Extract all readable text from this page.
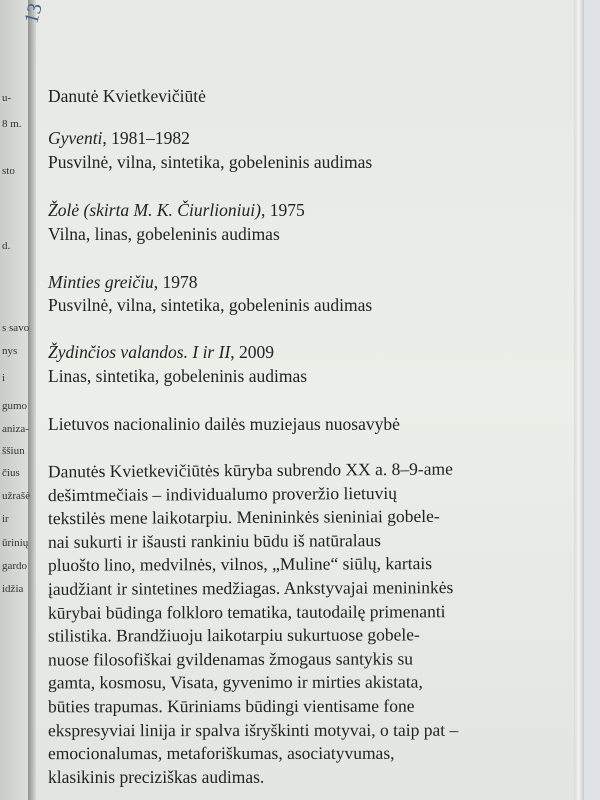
13
u-
8 m.
sto
d.
s savo
nys
i
gumo
aniza-
ššiun
čius
užrašė
ir
ūrinių
gardo
idžia
Danutė Kvietkevičiūtė
Gyventi, 1981–1982
Pusvilnė, vilna, sintetika, gobeleninis audimas
Žolė (skirta M. K. Čiurlioniui), 1975
Vilna, linas, gobeleninis audimas
Minties greičiu, 1978
Pusvilnė, vilna, sintetika, gobeleninis audimas
Žydinčios valandos. I ir II, 2009
Linas, sintetika, gobeleninis audimas
Lietuvos nacionalinio dailės muziejaus nuosavybė
Danutės Kvietkevičiūtės kūryba subrendo XX a. 8–9-ame
dešimtmečiais – individualumo proveržio lietuvių
tekstilės mene laikotarpiu. Menininkės sieniniai gobele-
nai sukurti ir išausti rankiniu būdu iš natūralaus
pluošto lino, medvilnės, vilnos, „Muline“ siūlų, kartais
įaudžiant ir sintetines medžiagas. Ankstyvajai menininkės
kūrybai būdinga folkloro tematika, tautodailę primenanti
stilistika. Brandžiuoju laikotarpiu sukurtuose gobele-
nuose filosofiškai gvildenamas žmogaus santykis su
gamta, kosmosu, Visata, gyvenimo ir mirties akistata,
būties trapumas. Kūriniams būdingi vientisame fone
ekspresyviai linija ir spalva išryškinti motyvai, o taip pat –
emocionalumas, metaforiškumas, asociatyvumas,
klasikinis preciziškas audimas.
